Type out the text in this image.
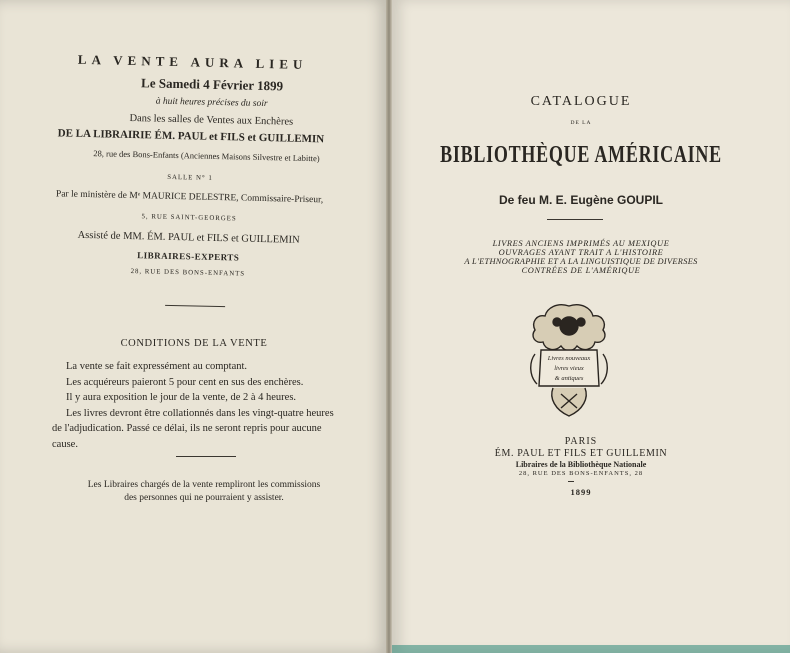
LA VENTE AURA LIEU
Le Samedi 4 Février 1899
à huit heures précises du soir
Dans les salles de Ventes aux Enchères
DE LA LIBRAIRIE ÉM. PAUL et FILS et GUILLEMIN
28, rue des Bons-Enfants (Anciennes Maisons Silvestre et Labitte)
SALLE N° 1
Par le ministère de Mᵉ MAURICE DELESTRE, Commissaire-Priseur,
5, RUE SAINT-GEORGES
Assisté de MM. ÉM. PAUL et FILS et GUILLEMIN
LIBRAIRES-EXPERTS
28, RUE DES BONS-ENFANTS
CONDITIONS DE LA VENTE
La vente se fait expressément au comptant.
Les acquéreurs paieront 5 pour cent en sus des enchères.
Il y aura exposition le jour de la vente, de 2 à 4 heures.
Les livres devront être collationnés dans les vingt-quatre heures
de l'adjudication. Passé ce délai, ils ne seront repris pour aucune
cause.
Les Libraires chargés de la vente rempliront les commissions
des personnes qui ne pourraient y assister.
CATALOGUE
DE LA
BIBLIOTHÈQUE AMÉRICAINE
De feu M. E. Eugène GOUPIL
LIVRES ANCIENS IMPRIMÉS AU MEXIQUE
OUVRAGES AYANT TRAIT A L'HISTOIRE
A L'ETHNOGRAPHIE ET A LA LINGUISTIQUE DE DIVERSES
CONTRÉES DE L'AMÉRIQUE
PARIS
ÉM. PAUL ET FILS ET GUILLEMIN
Libraires de la Bibliothèque Nationale
28, RUE DES BONS-ENFANTS, 28
1899
Livres nouveaux
livres vieux
& antiques
